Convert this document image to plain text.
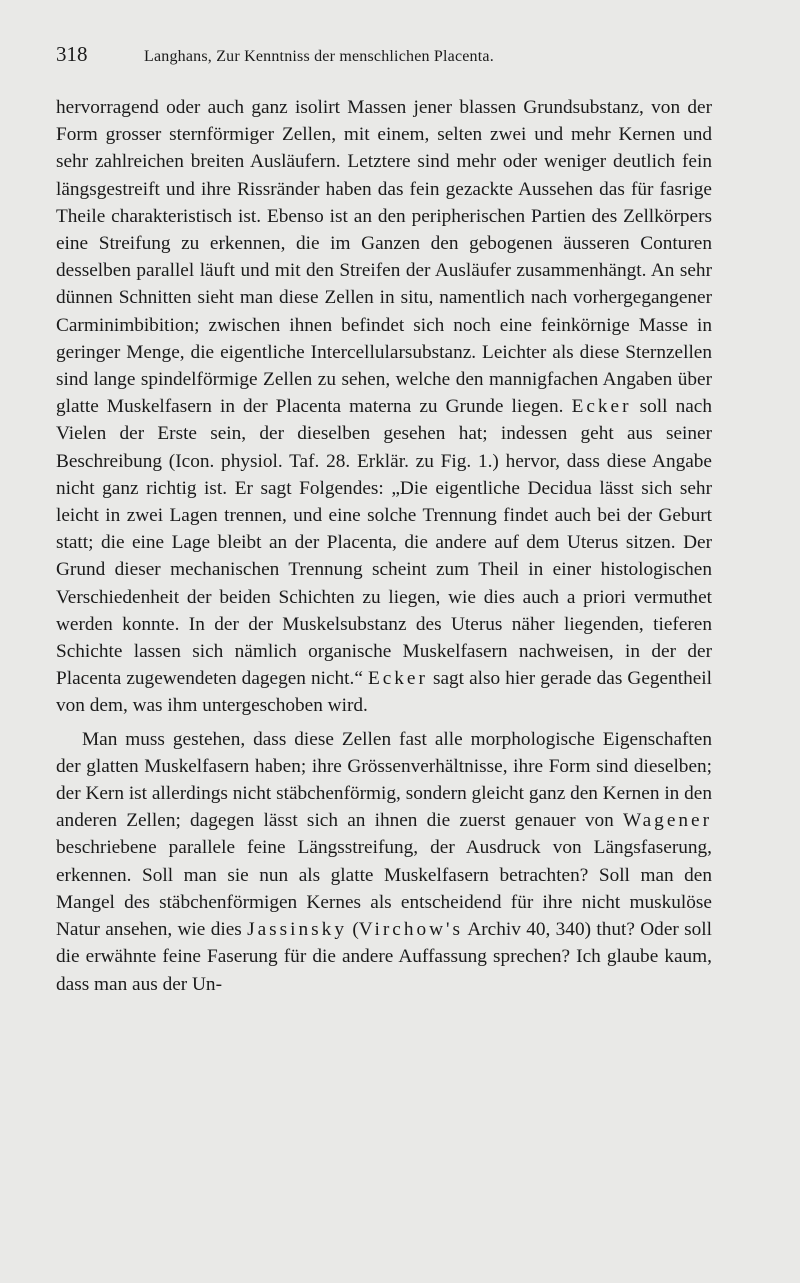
318	Langhans, Zur Kenntniss der menschlichen Placenta.

hervorragend oder auch ganz isolirt Massen jener blassen Grundsubstanz, von der Form grosser sternförmiger Zellen, mit einem, selten zwei und mehr Kernen und sehr zahlreichen breiten Ausläufern. Letztere sind mehr oder weniger deutlich fein längsgestreift und ihre Rissränder haben das fein gezackte Aussehen das für fasrige Theile charakteristisch ist. Ebenso ist an den peripherischen Partien des Zellkörpers eine Streifung zu erkennen, die im Ganzen den gebogenen äusseren Conturen desselben parallel läuft und mit den Streifen der Ausläufer zusammenhängt. An sehr dünnen Schnitten sieht man diese Zellen in situ, namentlich nach vorhergegangener Carminimbibition; zwischen ihnen befindet sich noch eine feinkörnige Masse in geringer Menge, die eigentliche Intercellularsubstanz. Leichter als diese Sternzellen sind lange spindelförmige Zellen zu sehen, welche den mannigfachen Angaben über glatte Muskelfasern in der Placenta materna zu Grunde liegen. Ecker soll nach Vielen der Erste sein, der dieselben gesehen hat; indessen geht aus seiner Beschreibung (Icon. physiol. Taf. 28. Erklär. zu Fig. 1.) hervor, dass diese Angabe nicht ganz richtig ist. Er sagt Folgendes: „Die eigentliche Decidua lässt sich sehr leicht in zwei Lagen trennen, und eine solche Trennung findet auch bei der Geburt statt; die eine Lage bleibt an der Placenta, die andere auf dem Uterus sitzen. Der Grund dieser mechanischen Trennung scheint zum Theil in einer histologischen Verschiedenheit der beiden Schichten zu liegen, wie dies auch a priori vermuthet werden konnte. In der der Muskelsubstanz des Uterus näher liegenden, tieferen Schichte lassen sich nämlich organische Muskelfasern nachweisen, in der der Placenta zugewendeten dagegen nicht.“ Ecker sagt also hier gerade das Gegentheil von dem, was ihm untergeschoben wird.

Man muss gestehen, dass diese Zellen fast alle morphologische Eigenschaften der glatten Muskelfasern haben; ihre Grössenverhältnisse, ihre Form sind dieselben; der Kern ist allerdings nicht stäbchenförmig, sondern gleicht ganz den Kernen in den anderen Zellen; dagegen lässt sich an ihnen die zuerst genauer von Wagener beschriebene parallele feine Längsstreifung, der Ausdruck von Längsfaserung, erkennen. Soll man sie nun als glatte Muskelfasern betrachten? Soll man den Mangel des stäbchenförmigen Kernes als entscheidend für ihre nicht muskulöse Natur ansehen, wie dies Jassinsky (Virchow's Archiv 40, 340) thut? Oder soll die erwähnte feine Faserung für die andere Auffassung sprechen? Ich glaube kaum, dass man aus der Un-
